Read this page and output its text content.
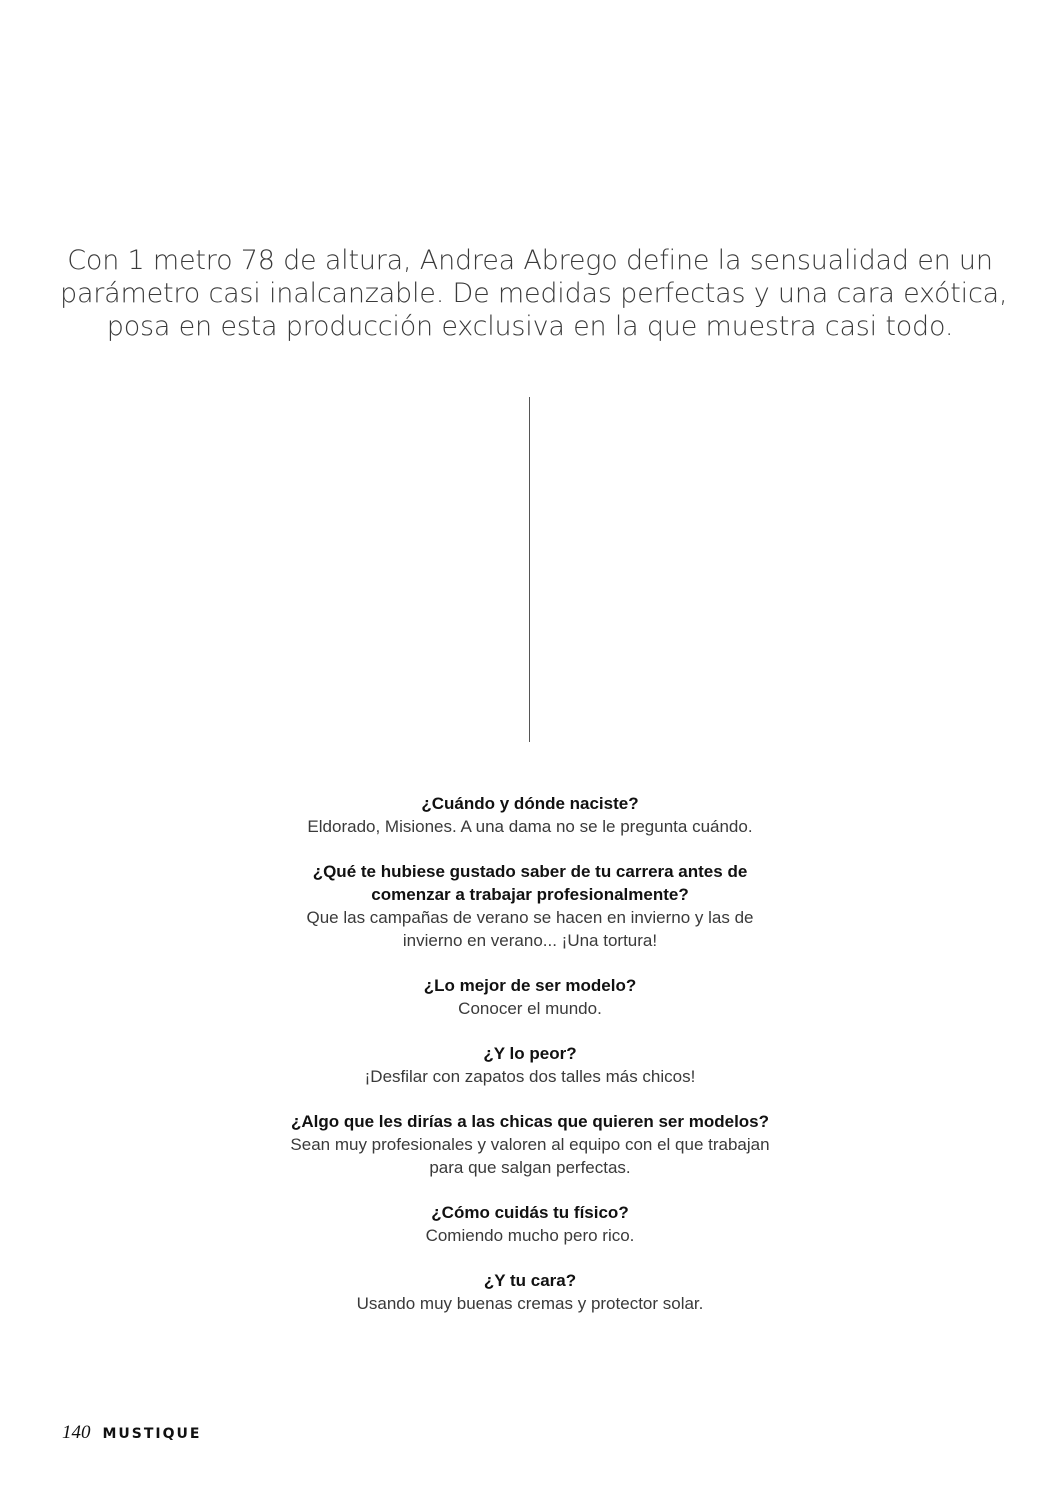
Con 1 metro 78 de altura, Andrea Abrego define la sensualidad en un
parámetro casi inalcanzable. De medidas perfectas y una cara exótica,
posa en esta producción exclusiva en la que muestra casi todo.

¿Cuándo y dónde naciste?
Eldorado, Misiones. A una dama no se le pregunta cuándo.
¿Qué te hubiese gustado saber de tu carrera antes de
comenzar a trabajar profesionalmente?
Que las campañas de verano se hacen en invierno y las de
invierno en verano... ¡Una tortura!
¿Lo mejor de ser modelo?
Conocer el mundo.
¿Y lo peor?
¡Desfilar con zapatos dos talles más chicos!
¿Algo que les dirías a las chicas que quieren ser modelos?
Sean muy profesionales y valoren al equipo con el que trabajan
para que salgan perfectas.
¿Cómo cuidás tu físico?
Comiendo mucho pero rico.
¿Y tu cara?
Usando muy buenas cremas y protector solar.
140 MUSTIQUE
